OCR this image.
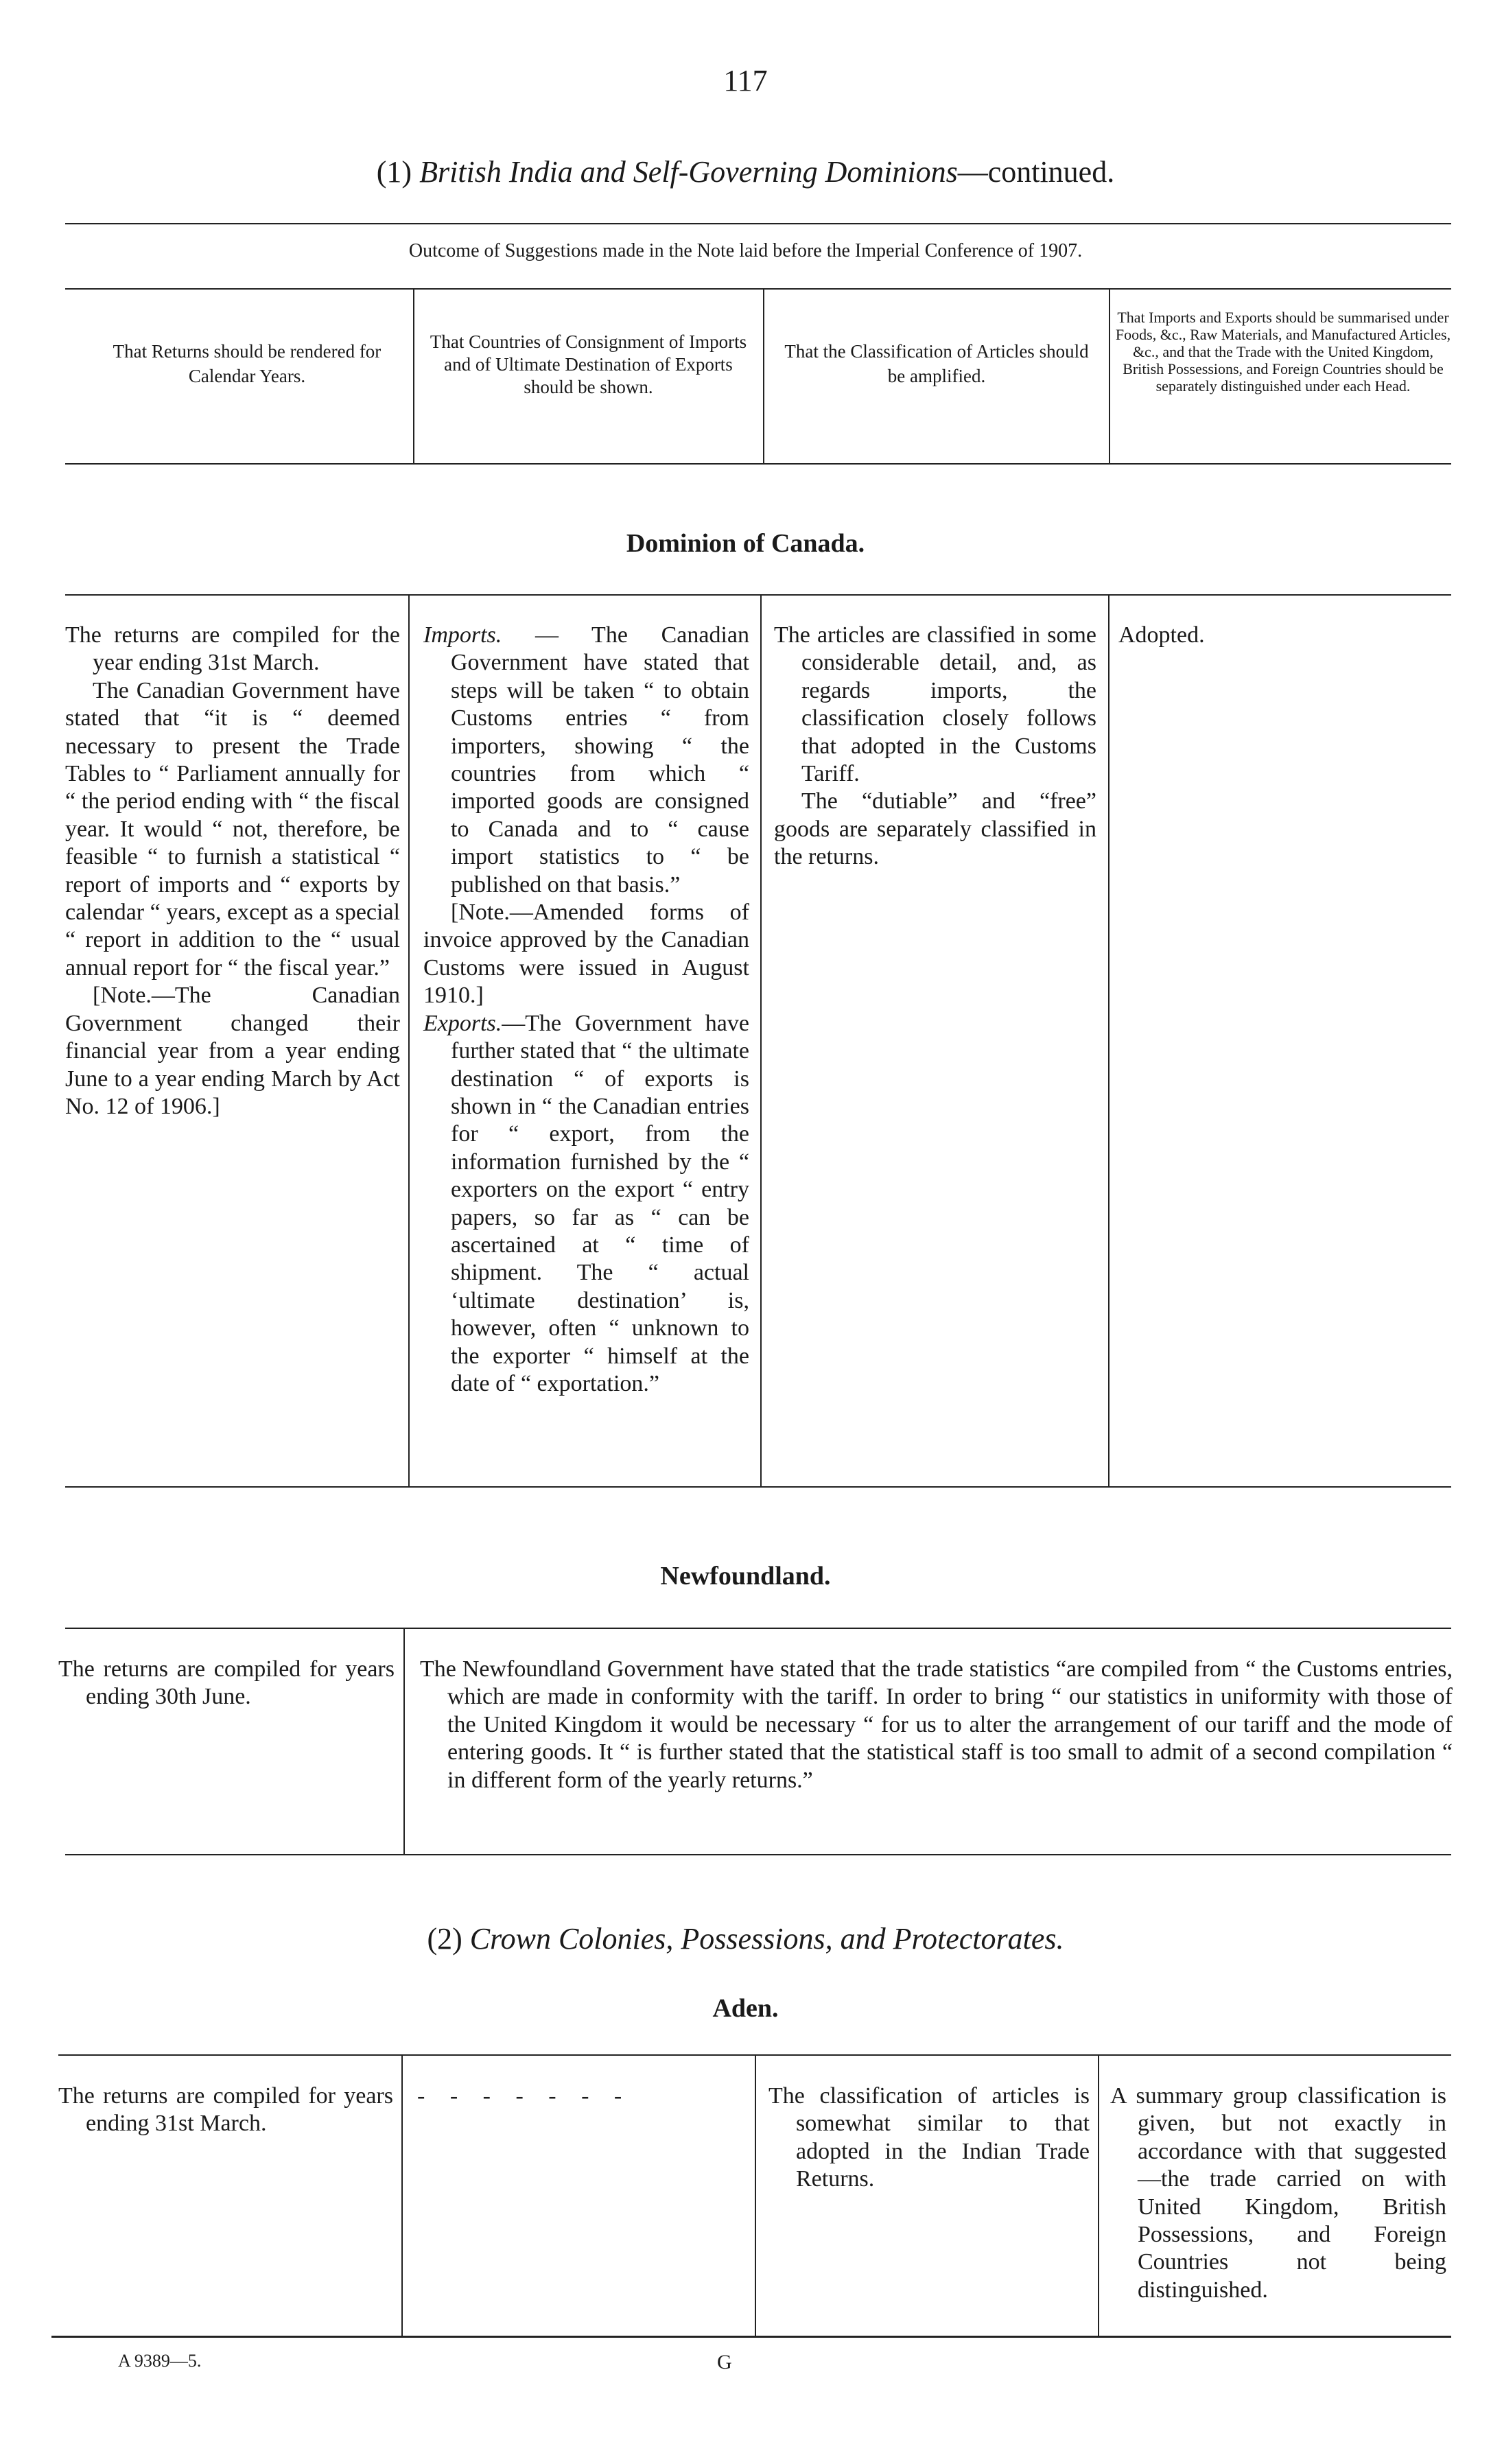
117
(1) British India and Self-Governing Dominions—continued.
Outcome of Suggestions made in the Note laid before the Imperial Conference of 1907.
That Returns should be rendered for Calendar Years.
That Countries of Consignment of Imports and of Ultimate Destination of Exports should be shown.
That the Classification of Articles should be amplified.
That Imports and Exports should be summarised under Foods, &c., Raw Materials, and Manufactured Articles, &c., and that the Trade with the United Kingdom, British Possessions, and Foreign Countries should be separately distinguished under each Head.
Dominion of Canada.

The returns are compiled for the year ending 31st March.

The Canadian Government have stated that “it is “ deemed necessary to present the Trade Tables to “ Parliament annually for “ the period ending with “ the fiscal year. It would “ not, therefore, be feasible “ to furnish a statistical “ report of imports and “ exports by calendar “ years, except as a special “ report in addition to the “ usual annual report for “ the fiscal year.”

[Note.—The Canadian Government changed their financial year from a year ending June to a year ending March by Act No. 12 of 1906.]

Imports. — The Canadian Government have stated that steps will be taken “ to obtain Customs entries “ from importers, showing “ the countries from which “ imported goods are consigned to Canada and to “ cause import statistics to “ be published on that basis.”

[Note.—Amended forms of invoice approved by the Canadian Customs were issued in August 1910.]

Exports.—The Government have further stated that “ the ultimate destination “ of exports is shown in “ the Canadian entries for “ export, from the information furnished by the “ exporters on the export “ entry papers, so far as “ can be ascertained at “ time of shipment. The “ actual ‘ultimate destination’ is, however, often “ unknown to the exporter “ himself at the date of “ exportation.”

The articles are classified in some considerable detail, and, as regards imports, the classification closely follows that adopted in the Customs Tariff.

The “dutiable” and “free” goods are separately classified in the returns.

Adopted.
Newfoundland.

The returns are compiled for years ending 30th June.

The Newfoundland Government have stated that the trade statistics “are compiled from “ the Customs entries, which are made in conformity with the tariff. In order to bring “ our statistics in uniformity with those of the United Kingdom it would be necessary “ for us to alter the arrangement of our tariff and the mode of entering goods. It “ is further stated that the statistical staff is too small to admit of a second compilation “ in different form of the yearly returns.”

(2) Crown Colonies, Possessions, and Protectorates.
Aden.

The returns are compiled for years ending 31st March.

- - - - - - -	The classification of articles is somewhat similar to that adopted in the Indian Trade Returns.

A summary group classification is given, but not exactly in accordance with that suggested—the trade carried on with United Kingdom, British Possessions, and Foreign Countries not being distinguished.

A 9389—5.	G
